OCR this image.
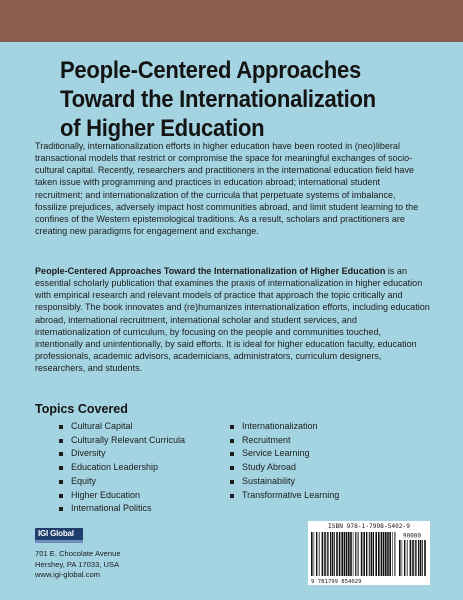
People-Centered Approaches Toward the Internationalization of Higher Education
Traditionally, internationalization efforts in higher education have been rooted in (neo)liberal transactional models that restrict or compromise the space for meaningful exchanges of socio-cultural capital. Recently, researchers and practitioners in the international education field have taken issue with programming and practices in education abroad; international student recruitment; and internationalization of the curricula that perpetuate systems of imbalance, fossilize prejudices, adversely impact host communities abroad, and limit student learning to the confines of the Western epistemological traditions. As a result, scholars and practitioners are creating new paradigms for engagement and exchange.
People-Centered Approaches Toward the Internationalization of Higher Education is an essential scholarly publication that examines the praxis of internationalization in higher education with empirical research and relevant models of practice that approach the topic critically and responsibly. The book innovates and (re)humanizes internationalization efforts, including education abroad, international recruitment, international scholar and student services, and internationalization of curriculum, by focusing on the people and communities touched, intentionally and unintentionally, by said efforts. It is ideal for higher education faculty, education professionals, academic advisors, academicians, administrators, curriculum designers, researchers, and students.
Topics Covered
Cultural Capital
Culturally Relevant Curricula
Diversity
Education Leadership
Equity
Higher Education
International Politics
Internationalization
Recruitment
Service Learning
Study Abroad
Sustainability
Transformative Learning
IGI Global
701 E. Chocolate Avenue
Hershey, PA 17033, USA
www.igi-global.com
ISBN 978-1-7998-5402-9
90000
9 781799 854029
